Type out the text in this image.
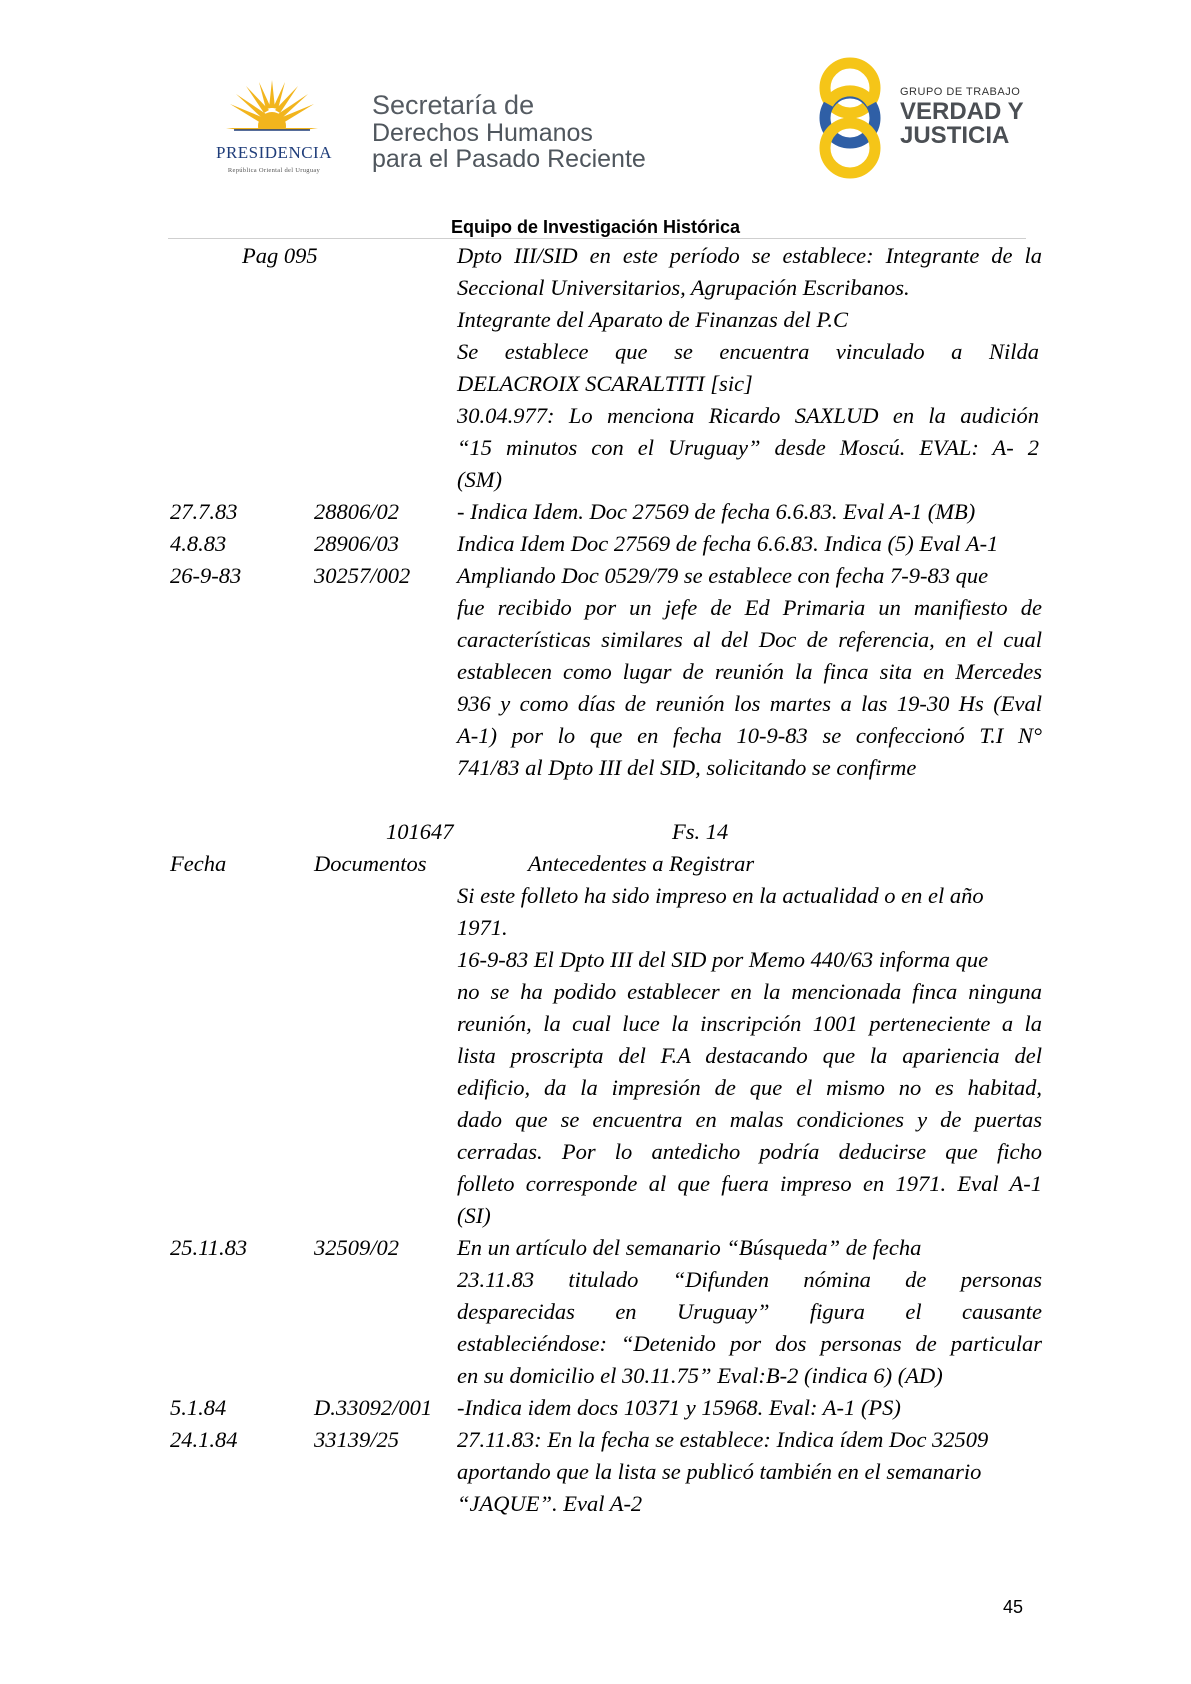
PRESIDENCIA
República Oriental del Uruguay
Secretaría de
Derechos Humanos
para el Pasado Reciente
GRUPO DE TRABAJO
VERDAD Y
JUSTICIA
Equipo de Investigación Histórica
Pag 095	Dpto III/SID en este período se establece: Integrante de la
Seccional Universitarios, Agrupación Escribanos.
Integrante del Aparato de Finanzas del P.C
Se establece que se encuentra vinculado a Nilda
DELACROIX SCARALTITI [sic]
30.04.977: Lo menciona Ricardo SAXLUD en la audición
“15 minutos con el Uruguay” desde Moscú. EVAL: A- 2
(SM)
27.7.83	28806/02	- Indica Idem. Doc 27569 de fecha 6.6.83. Eval A-1 (MB)
4.8.83	28906/03	Indica Idem Doc 27569 de fecha 6.6.83. Indica (5) Eval A-1
26-9-83	30257/002 Ampliando Doc 0529/79 se establece con fecha 7-9-83 que
fue recibido por un jefe de Ed Primaria un manifiesto de
características similares al del Doc de referencia, en el cual
establecen como lugar de reunión la finca sita en Mercedes
936 y como días de reunión los martes a las 19-30 Hs (Eval
A-1) por lo que en fecha 10-9-83 se confeccionó T.I N°
741/83 al Dpto III del SID, solicitando se confirme
101647	Fs. 14
Fecha	Documentos	Antecedentes a Registrar
Si este folleto ha sido impreso en la actualidad o en el año
1971.
16-9-83 El Dpto III del SID por Memo 440/63 informa que
no se ha podido establecer en la mencionada finca ninguna
reunión, la cual luce la inscripción 1001 perteneciente a la
lista proscripta del F.A destacando que la apariencia del
edificio, da la impresión de que el mismo no es habitad,
dado que se encuentra en malas condiciones y de puertas
cerradas. Por lo antedicho podría deducirse que ficho
folleto corresponde al que fuera impreso en 1971. Eval A-1
(SI)
25.11.83	32509/02	En un artículo del semanario “Búsqueda” de fecha
23.11.83 titulado “Difunden nómina de personas
desparecidas en Uruguay” figura el causante
estableciéndose: “Detenido por dos personas de particular
en su domicilio el 30.11.75” Eval:B-2 (indica 6) (AD)
5.1.84	D.33092/001 -Indica idem docs 10371 y 15968. Eval: A-1 (PS)
24.1.84	33139/25	27.11.83: En la fecha se establece: Indica ídem Doc 32509
aportando que la lista se publicó también en el semanario
“JAQUE”. Eval A-2
45
